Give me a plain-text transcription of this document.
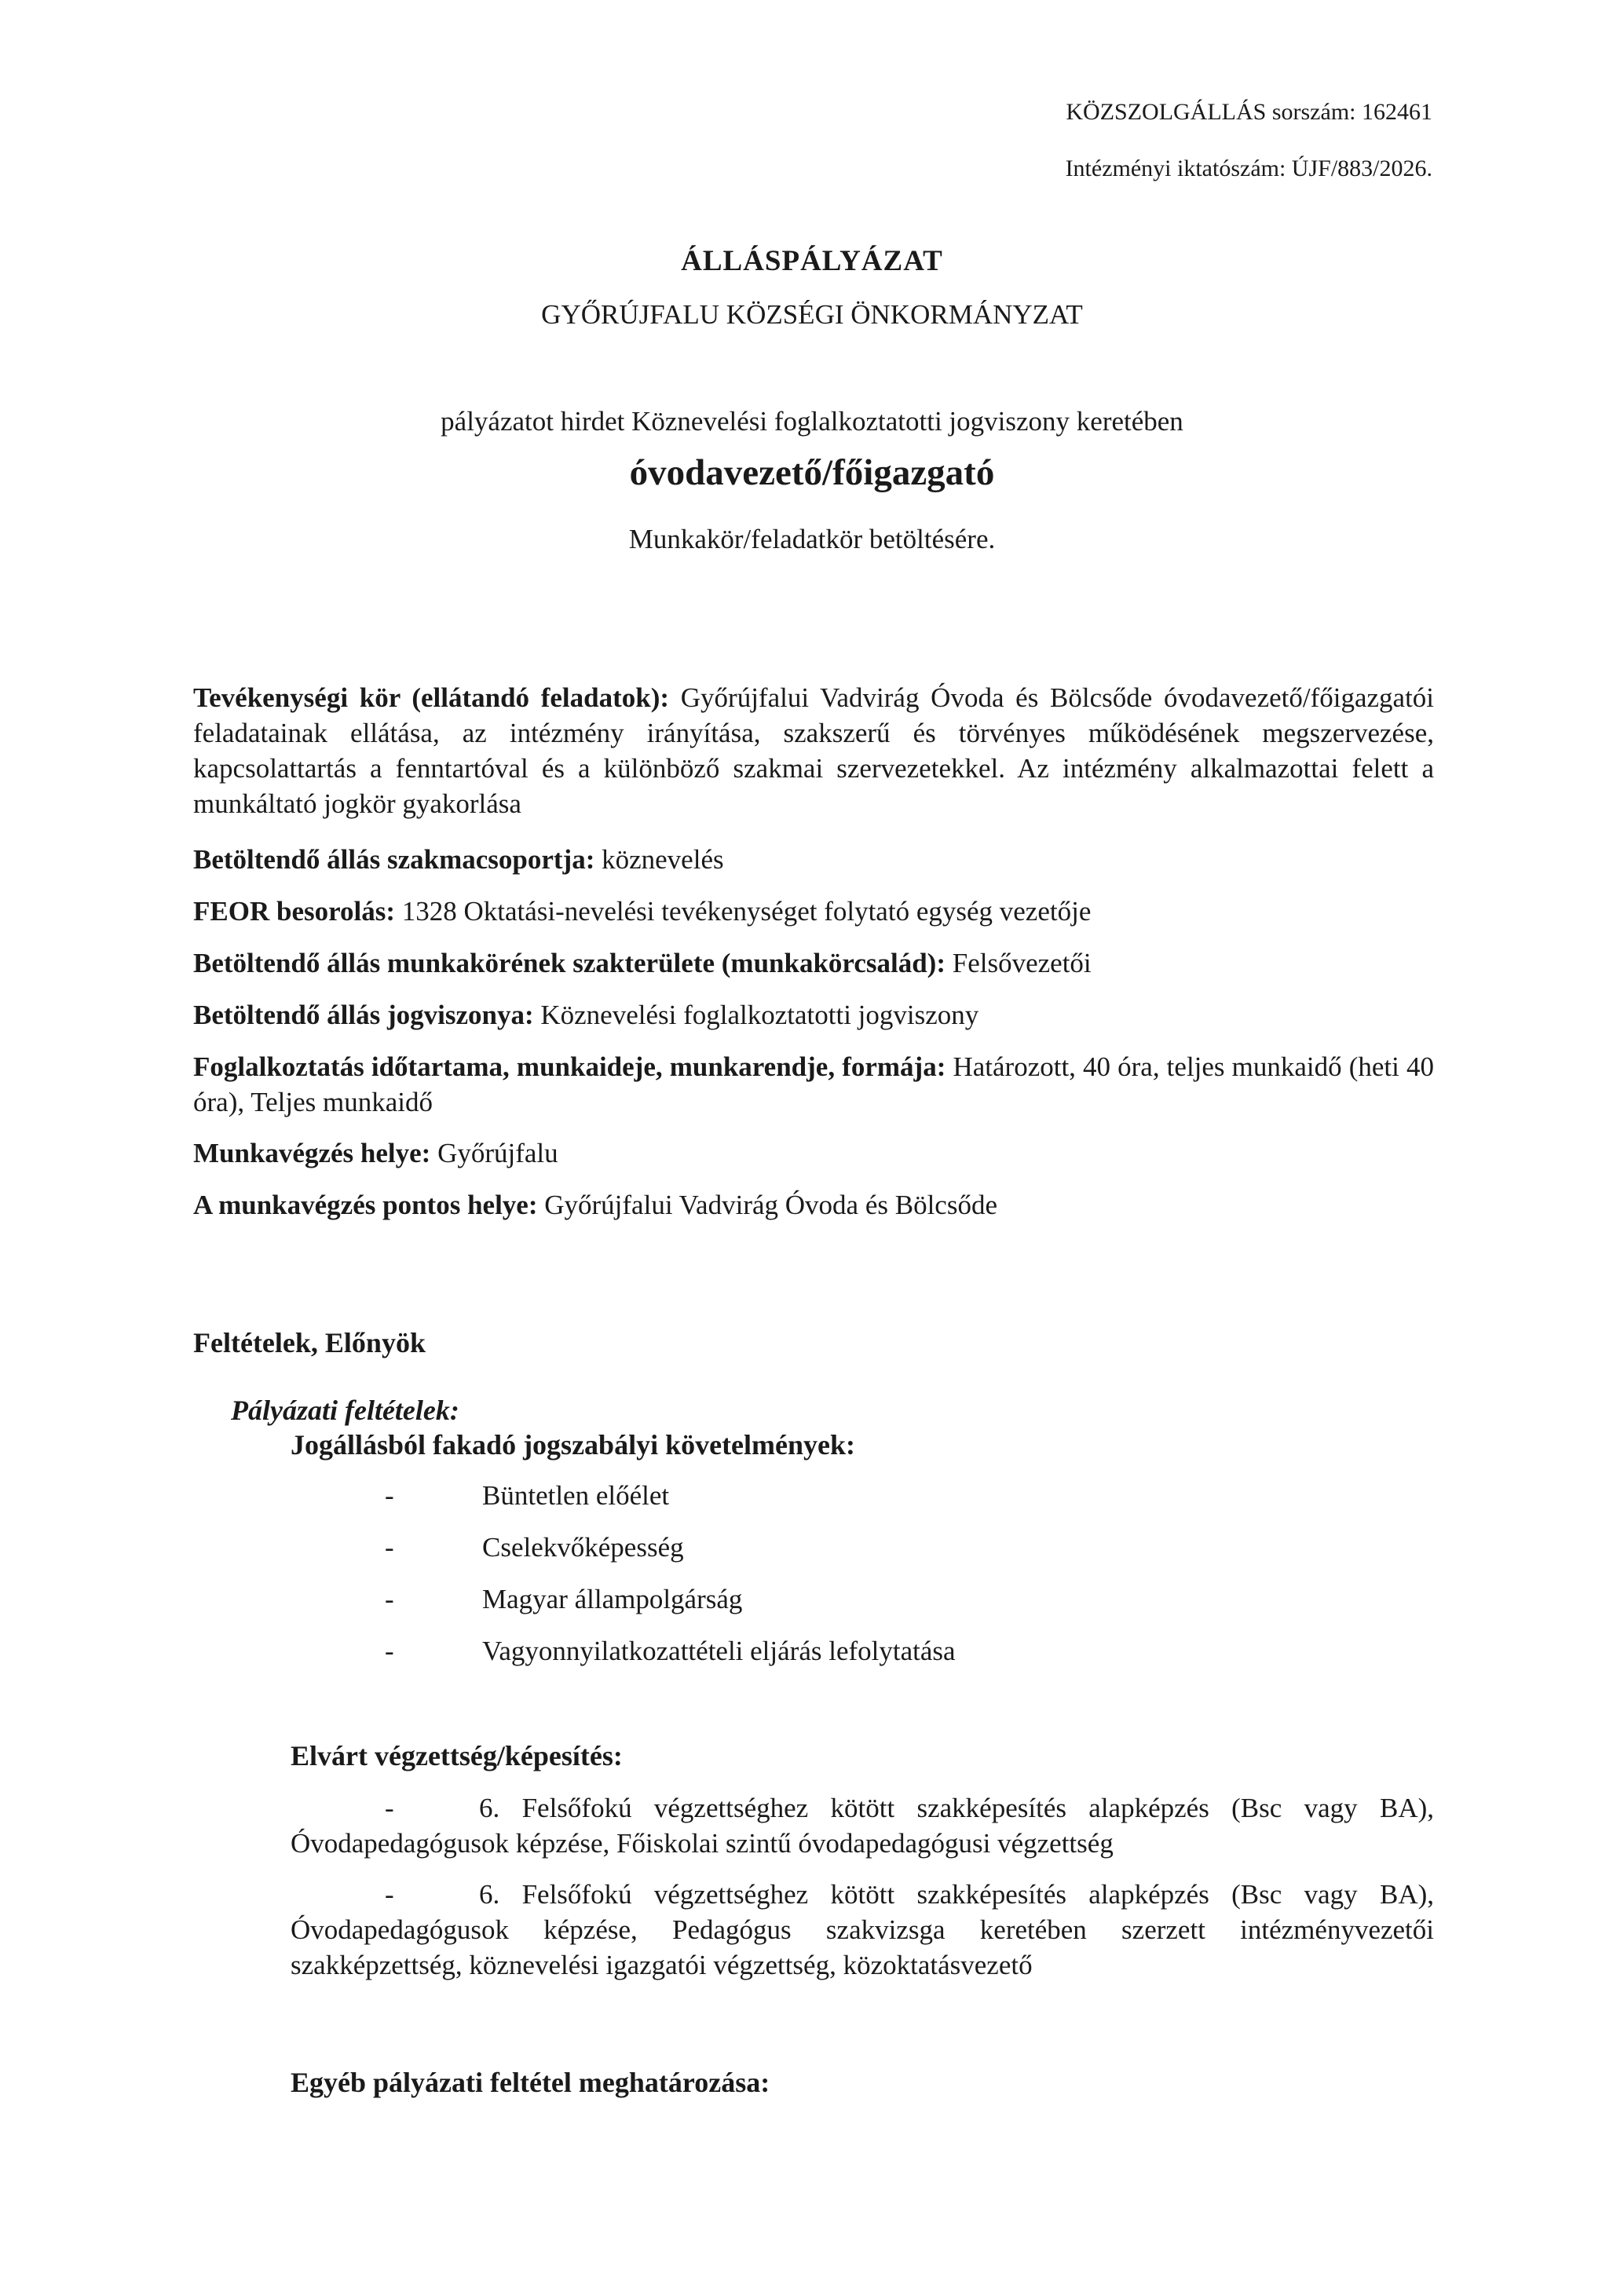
KÖZSZOLGÁLLÁS sorszám: 162461
Intézményi iktatószám: ÚJF/883/2026.
ÁLLÁSPÁLYÁZAT
GYŐRÚJFALU KÖZSÉGI ÖNKORMÁNYZAT
pályázatot hirdet Köznevelési foglalkoztatotti jogviszony keretében
óvodavezető/főigazgató
Munkakör/feladatkör betöltésére.
Tevékenységi kör (ellátandó feladatok): Győrújfalui Vadvirág Óvoda és Bölcsőde óvodavezető/főigazgatói feladatainak ellátása, az intézmény irányítása, szakszerű és törvényes működésének megszervezése, kapcsolattartás a fenntartóval és a különböző szakmai szervezetekkel. Az intézmény alkalmazottai felett a munkáltató jogkör gyakorlása
Betöltendő állás szakmacsoportja: köznevelés
FEOR besorolás: 1328 Oktatási-nevelési tevékenységet folytató egység vezetője
Betöltendő állás munkakörének szakterülete (munkakörcsalád): Felsővezetői
Betöltendő állás jogviszonya: Köznevelési foglalkoztatotti jogviszony
Foglalkoztatás időtartama, munkaideje, munkarendje, formája: Határozott, 40 óra, teljes munkaidő (heti 40 óra), Teljes munkaidő
Munkavégzés helye: Győrújfalu
A munkavégzés pontos helye: Győrújfalui Vadvirág Óvoda és Bölcsőde
Feltételek, Előnyök
Pályázati feltételek:
Jogállásból fakadó jogszabályi követelmények:
-	Büntetlen előélet
-	Cselekvőképesség
-	Magyar állampolgárság
-	Vagyonnyilatkozattételi eljárás lefolytatása
Elvárt végzettség/képesítés:
-	6. Felsőfokú végzettséghez kötött szakképesítés alapképzés (Bsc vagy BA), Óvodapedagógusok képzése, Főiskolai szintű óvodapedagógusi végzettség
-	6. Felsőfokú végzettséghez kötött szakképesítés alapképzés (Bsc vagy BA), Óvodapedagógusok képzése, Pedagógus szakvizsga keretében szerzett intézményvezetői szakképzettség, köznevelési igazgatói végzettség, közoktatásvezető
Egyéb pályázati feltétel meghatározása:
